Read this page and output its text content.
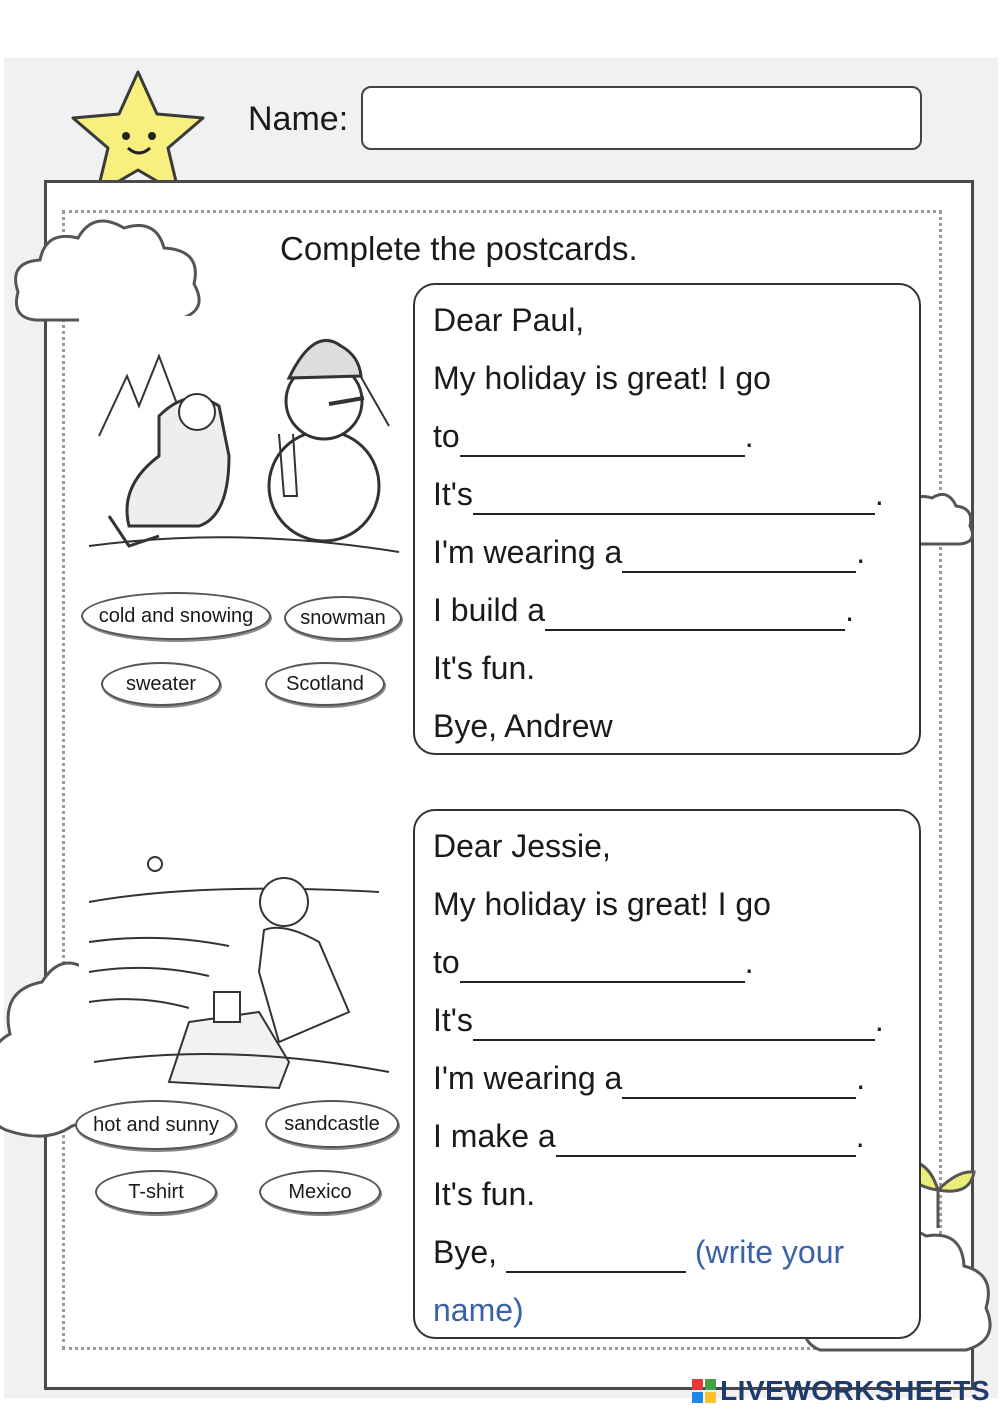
Name:
Complete the postcards.
cold and snowing	snowman
sweater	Scotland
hot and sunny	sandcastle
T-shirt	Mexico
Dear Paul,
My holiday is great! I go
to	.
It's	.
I'm wearing a	.
I build a	.
It's fun.
Bye, Andrew
Dear Jessie,
My holiday is great! I go
to	.
It's	.
I'm wearing a	.
I make a	.
It's fun.
Bye,	(write your
name)
LIVEWORKSHEETS
